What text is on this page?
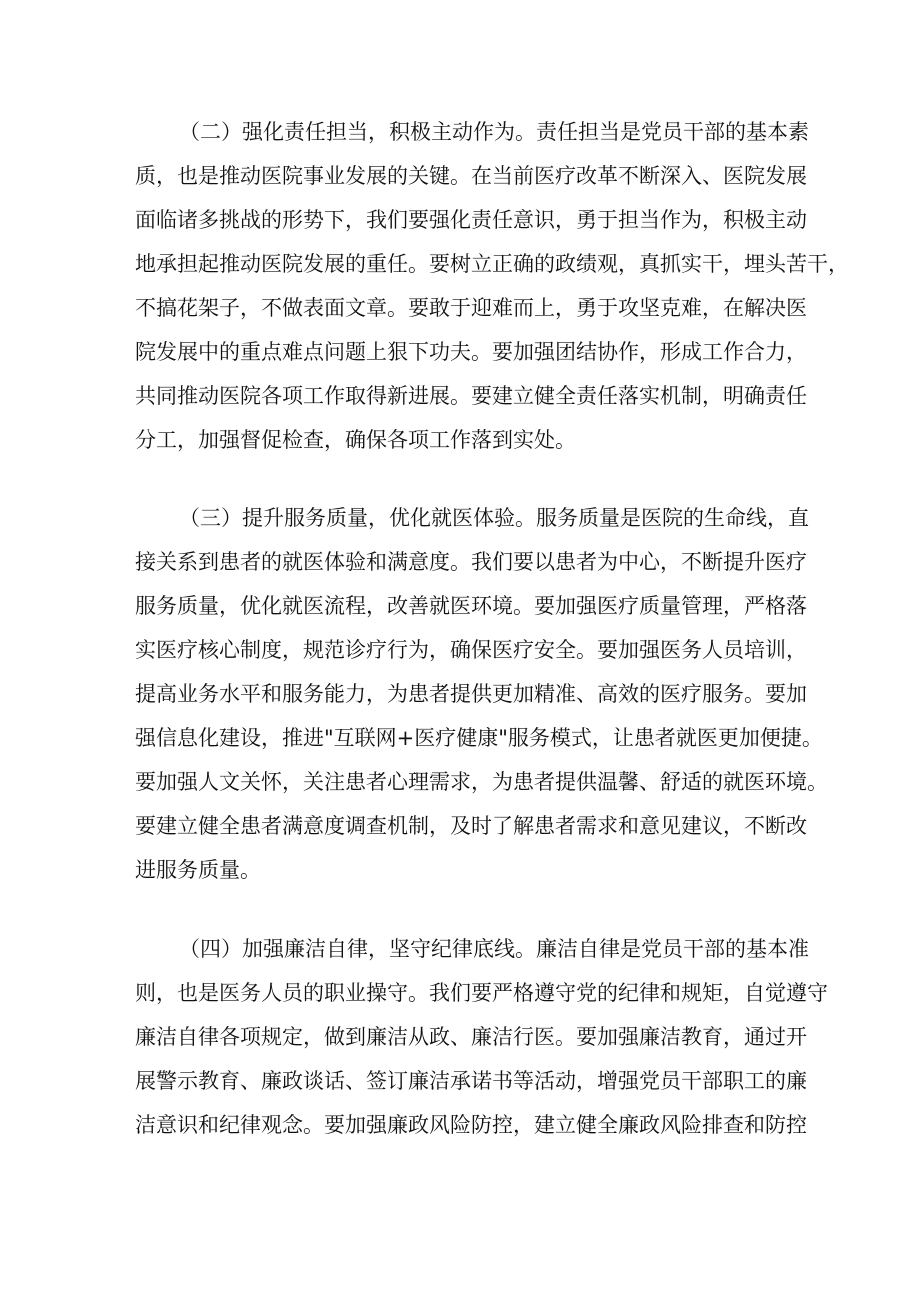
（二）强化责任担当，积极主动作为。责任担当是党员干部的基本素
质，也是推动医院事业发展的关键。在当前医疗改革不断深入、医院发展
面临诸多挑战的形势下，我们要强化责任意识，勇于担当作为，积极主动
地承担起推动医院发展的重任。要树立正确的政绩观，真抓实干，埋头苦干，
不搞花架子，不做表面文章。要敢于迎难而上，勇于攻坚克难，在解决医
院发展中的重点难点问题上狠下功夫。要加强团结协作，形成工作合力，
共同推动医院各项工作取得新进展。要建立健全责任落实机制，明确责任
分工，加强督促检查，确保各项工作落到实处。
（三）提升服务质量，优化就医体验。服务质量是医院的生命线，直
接关系到患者的就医体验和满意度。我们要以患者为中心，不断提升医疗
服务质量，优化就医流程，改善就医环境。要加强医疗质量管理，严格落
实医疗核心制度，规范诊疗行为，确保医疗安全。要加强医务人员培训，
提高业务水平和服务能力，为患者提供更加精准、高效的医疗服务。要加
强信息化建设，推进"互联网+医疗健康"服务模式，让患者就医更加便捷。
要加强人文关怀，关注患者心理需求，为患者提供温馨、舒适的就医环境。
要建立健全患者满意度调查机制，及时了解患者需求和意见建议，不断改
进服务质量。
（四）加强廉洁自律，坚守纪律底线。廉洁自律是党员干部的基本准
则，也是医务人员的职业操守。我们要严格遵守党的纪律和规矩，自觉遵守
廉洁自律各项规定，做到廉洁从政、廉洁行医。要加强廉洁教育，通过开
展警示教育、廉政谈话、签订廉洁承诺书等活动，增强党员干部职工的廉
洁意识和纪律观念。要加强廉政风险防控，建立健全廉政风险排查和防控
